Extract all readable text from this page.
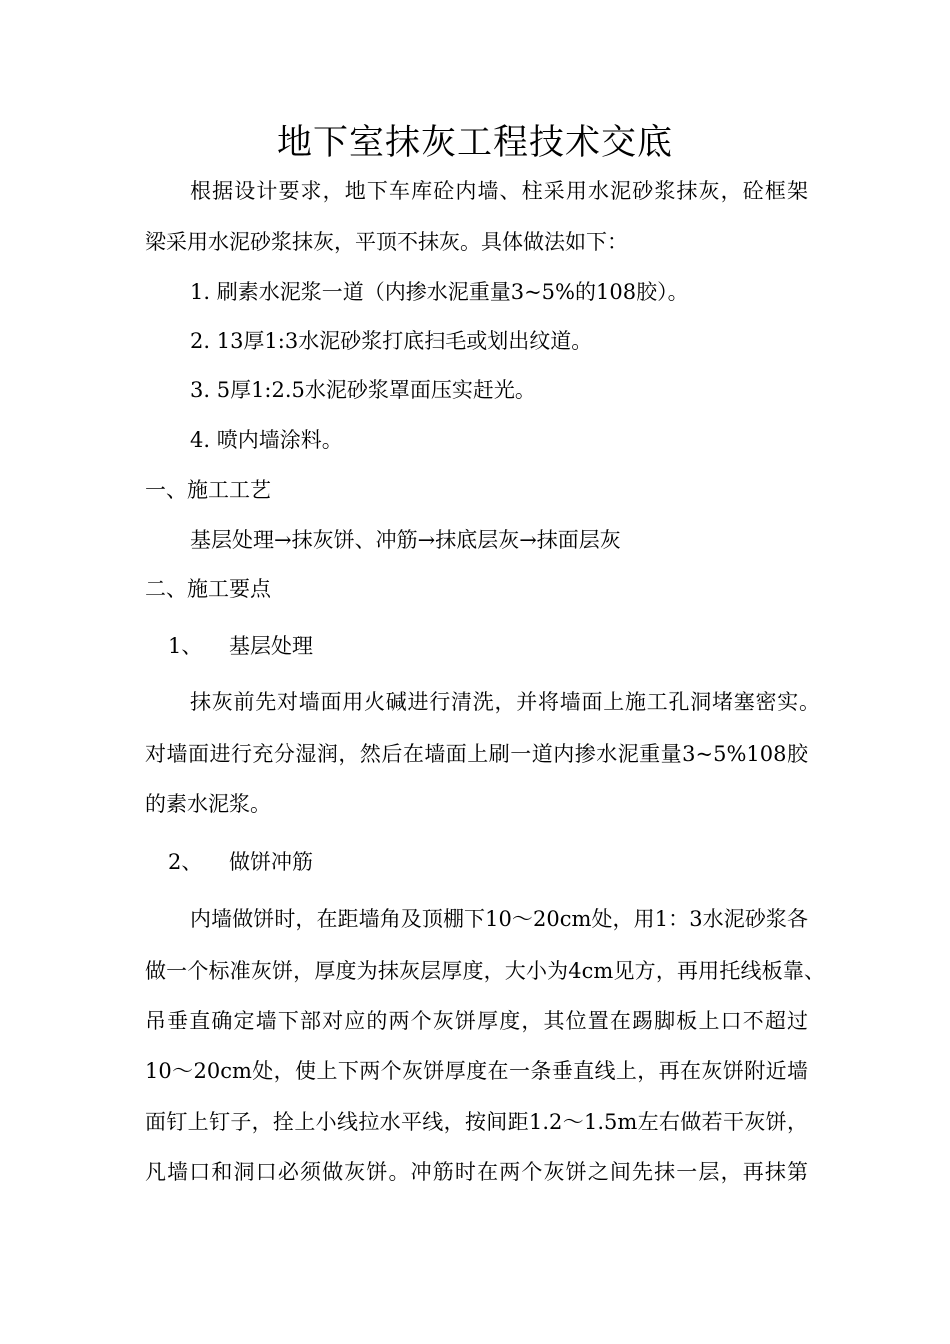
地下室抹灰工程技术交底
根据设计要求，地下车库砼内墙、柱采用水泥砂浆抹灰，砼框架
梁采用水泥砂浆抹灰，平顶不抹灰。具体做法如下：
1. 刷素水泥浆一道（内掺水泥重量3~5%的108胶）。
2. 13厚1:3水泥砂浆打底扫毛或划出纹道。
3. 5厚1:2.5水泥砂浆罩面压实赶光。
4. 喷内墙涂料。
一、施工工艺
基层处理→抹灰饼、冲筋→抹底层灰→抹面层灰
二、施工要点
1、    基层处理
抹灰前先对墙面用火碱进行清洗，并将墙面上施工孔洞堵塞密实。
对墙面进行充分湿润，然后在墙面上刷一道内掺水泥重量3~5%108胶
的素水泥浆。
2、    做饼冲筋
内墙做饼时，在距墙角及顶棚下10～20cm处，用1：3水泥砂浆各
做一个标准灰饼，厚度为抹灰层厚度，大小为4cm见方，再用托线板靠、
吊垂直确定墙下部对应的两个灰饼厚度，其位置在踢脚板上口不超过
10～20cm处，使上下两个灰饼厚度在一条垂直线上，再在灰饼附近墙
面钉上钉子，拴上小线拉水平线，按间距1.2～1.5m左右做若干灰饼，
凡墙口和洞口必须做灰饼。冲筋时在两个灰饼之间先抹一层，再抹第
